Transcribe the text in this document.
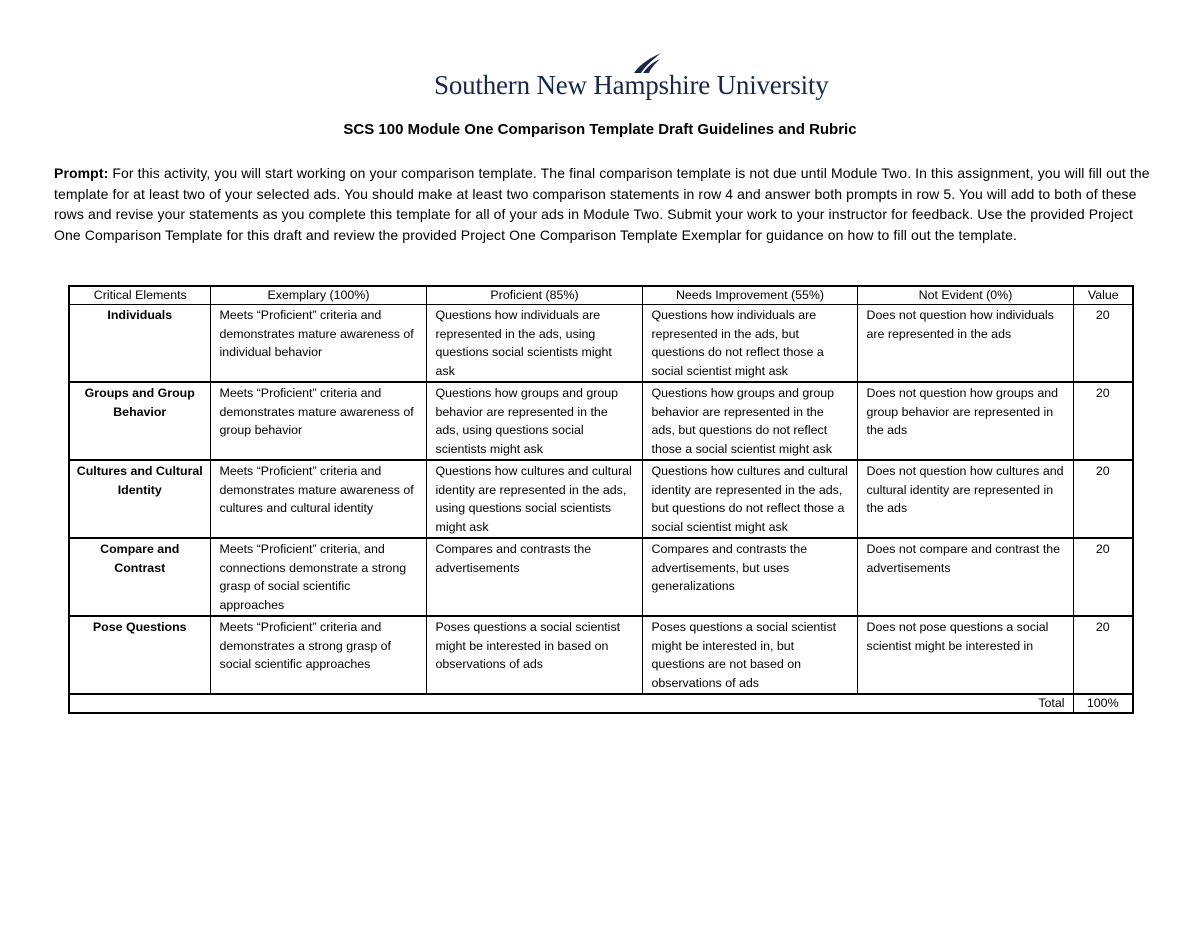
Southern New Hampshire University
SCS 100 Module One Comparison Template Draft Guidelines and Rubric
Prompt: For this activity, you will start working on your comparison template. The final comparison template is not due until Module Two. In this assignment, you will fill out the template for at least two of your selected ads. You should make at least two comparison statements in row 4 and answer both prompts in row 5. You will add to both of these rows and revise your statements as you complete this template for all of your ads in Module Two. Submit your work to your instructor for feedback. Use the provided Project One Comparison Template for this draft and review the provided Project One Comparison Template Exemplar for guidance on how to fill out the template.
Critical Elements	Exemplary (100%)	Proficient (85%)	Needs Improvement (55%)	Not Evident (0%)	Value
Individuals	Meets “Proficient” criteria and demonstrates mature awareness of individual behavior	Questions how individuals are represented in the ads, using questions social scientists might ask	Questions how individuals are represented in the ads, but questions do not reflect those a social scientist might ask	Does not question how individuals are represented in the ads	20
Groups and Group Behavior	Meets “Proficient” criteria and demonstrates mature awareness of group behavior	Questions how groups and group behavior are represented in the ads, using questions social scientists might ask	Questions how groups and group behavior are represented in the ads, but questions do not reflect those a social scientist might ask	Does not question how groups and group behavior are represented in the ads	20
Cultures and Cultural Identity	Meets “Proficient” criteria and demonstrates mature awareness of cultures and cultural identity	Questions how cultures and cultural identity are represented in the ads, using questions social scientists might ask	Questions how cultures and cultural identity are represented in the ads, but questions do not reflect those a social scientist might ask	Does not question how cultures and cultural identity are represented in the ads	20
Compare and Contrast	Meets “Proficient” criteria, and connections demonstrate a strong grasp of social scientific approaches	Compares and contrasts the advertisements	Compares and contrasts the advertisements, but uses generalizations	Does not compare and contrast the advertisements	20
Pose Questions	Meets “Proficient” criteria and demonstrates a strong grasp of social scientific approaches	Poses questions a social scientist might be interested in based on observations of ads	Poses questions a social scientist might be interested in, but questions are not based on observations of ads	Does not pose questions a social scientist might be interested in	20
Total					100%
